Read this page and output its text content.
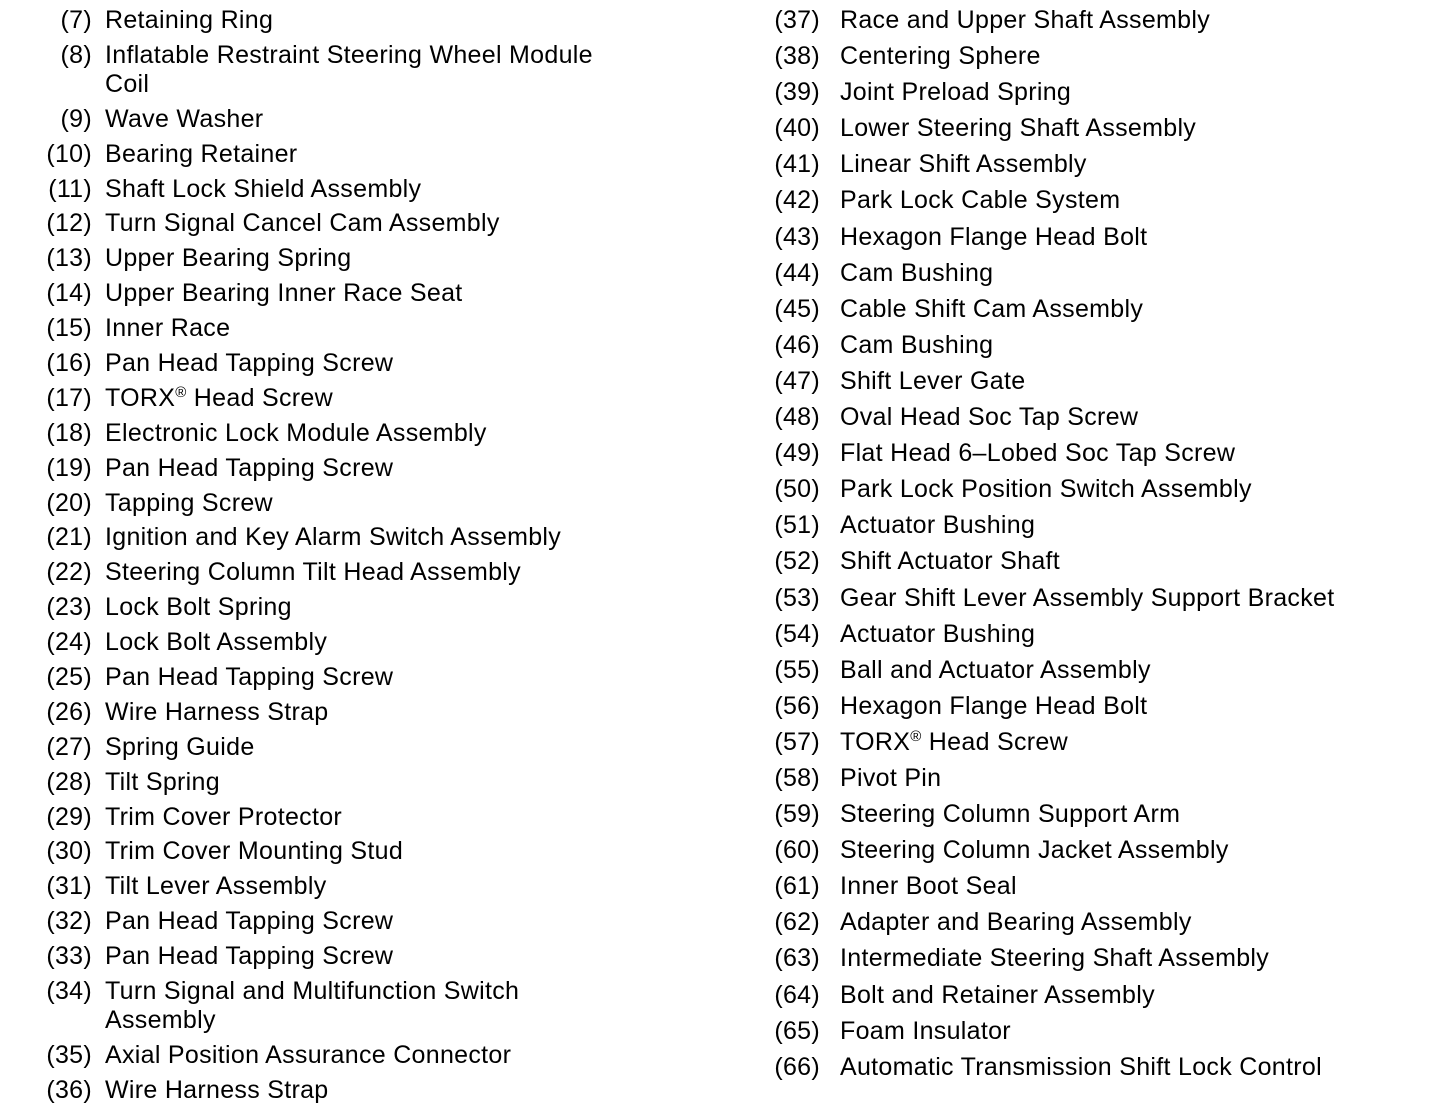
(7) Retaining Ring
(8) Inflatable Restraint Steering Wheel Module Coil
(9) Wave Washer
(10) Bearing Retainer
(11) Shaft Lock Shield Assembly
(12) Turn Signal Cancel Cam Assembly
(13) Upper Bearing Spring
(14) Upper Bearing Inner Race Seat
(15) Inner Race
(16) Pan Head Tapping Screw
(17) TORX® Head Screw
(18) Electronic Lock Module Assembly
(19) Pan Head Tapping Screw
(20) Tapping Screw
(21) Ignition and Key Alarm Switch Assembly
(22) Steering Column Tilt Head Assembly
(23) Lock Bolt Spring
(24) Lock Bolt Assembly
(25) Pan Head Tapping Screw
(26) Wire Harness Strap
(27) Spring Guide
(28) Tilt Spring
(29) Trim Cover Protector
(30) Trim Cover Mounting Stud
(31) Tilt Lever Assembly
(32) Pan Head Tapping Screw
(33) Pan Head Tapping Screw
(34) Turn Signal and Multifunction Switch Assembly
(35) Axial Position Assurance Connector
(36) Wire Harness Strap
(37) Race and Upper Shaft Assembly
(38) Centering Sphere
(39) Joint Preload Spring
(40) Lower Steering Shaft Assembly
(41) Linear Shift Assembly
(42) Park Lock Cable System
(43) Hexagon Flange Head Bolt
(44) Cam Bushing
(45) Cable Shift Cam Assembly
(46) Cam Bushing
(47) Shift Lever Gate
(48) Oval Head Soc Tap Screw
(49) Flat Head 6–Lobed Soc Tap Screw
(50) Park Lock Position Switch Assembly
(51) Actuator Bushing
(52) Shift Actuator Shaft
(53) Gear Shift Lever Assembly Support Bracket
(54) Actuator Bushing
(55) Ball and Actuator Assembly
(56) Hexagon Flange Head Bolt
(57) TORX® Head Screw
(58) Pivot Pin
(59) Steering Column Support Arm
(60) Steering Column Jacket Assembly
(61) Inner Boot Seal
(62) Adapter and Bearing Assembly
(63) Intermediate Steering Shaft Assembly
(64) Bolt and Retainer Assembly
(65) Foam Insulator
(66) Automatic Transmission Shift Lock Control
